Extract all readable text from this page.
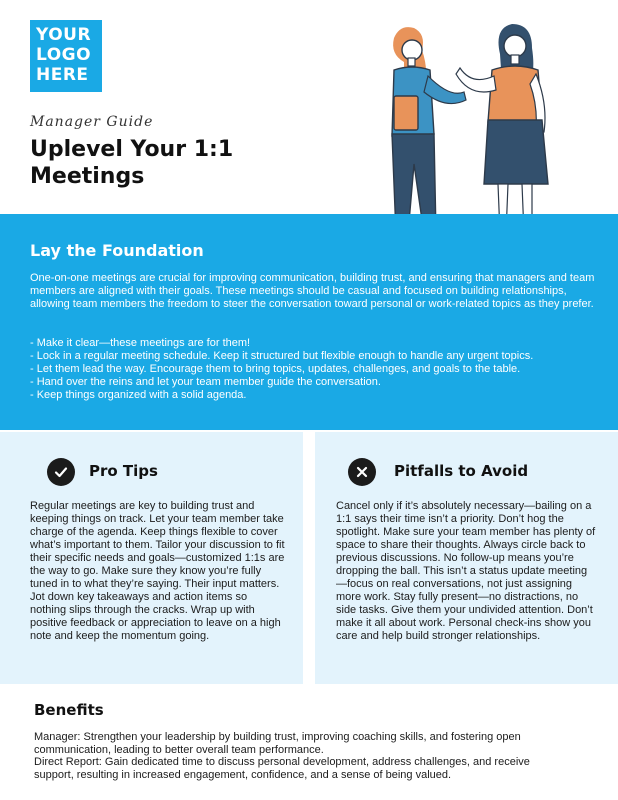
YOUR
LOGO
HERE
Manager Guide
Uplevel Your 1:1 Meetings
Lay the Foundation

One-on-one meetings are crucial for improving communication, building trust, and ensuring that managers and team members are aligned with their goals. These meetings should be casual and focused on building relationships, allowing team members the freedom to steer the conversation toward personal or work-related topics as they prefer.

- Make it clear—these meetings are for them!
- Lock in a regular meeting schedule. Keep it structured but flexible enough to handle any urgent topics.
- Let them lead the way. Encourage them to bring topics, updates, challenges, and goals to the table.
- Hand over the reins and let your team member guide the conversation.
- Keep things organized with a solid agenda.
Pro Tips

Regular meetings are key to building trust and keeping things on track. Let your team member take charge of the agenda. Keep things flexible to cover what’s important to them. Tailor your discussion to fit their specific needs and goals—customized 1:1s are the way to go. Make sure they know you’re fully tuned in to what they’re saying. Their input matters. Jot down key takeaways and action items so nothing slips through the cracks. Wrap up with positive feedback or appreciation to leave on a high note and keep the momentum going.

Pitfalls to Avoid

Cancel only if it’s absolutely necessary—bailing on a 1:1 says their time isn’t a priority. Don’t hog the spotlight. Make sure your team member has plenty of space to share their thoughts. Always circle back to previous discussions. No follow-up means you’re dropping the ball. This isn’t a status update meeting—focus on real conversations, not just assigning more work. Stay fully present—no distractions, no side tasks. Give them your undivided attention. Don’t make it all about work. Personal check-ins show you care and help build stronger relationships.

Benefits
Manager: Strengthen your leadership by building trust, improving coaching skills, and fostering open
communication, leading to better overall team performance.
Direct Report: Gain dedicated time to discuss personal development, address challenges, and receive
support, resulting in increased engagement, confidence, and a sense of being valued.
